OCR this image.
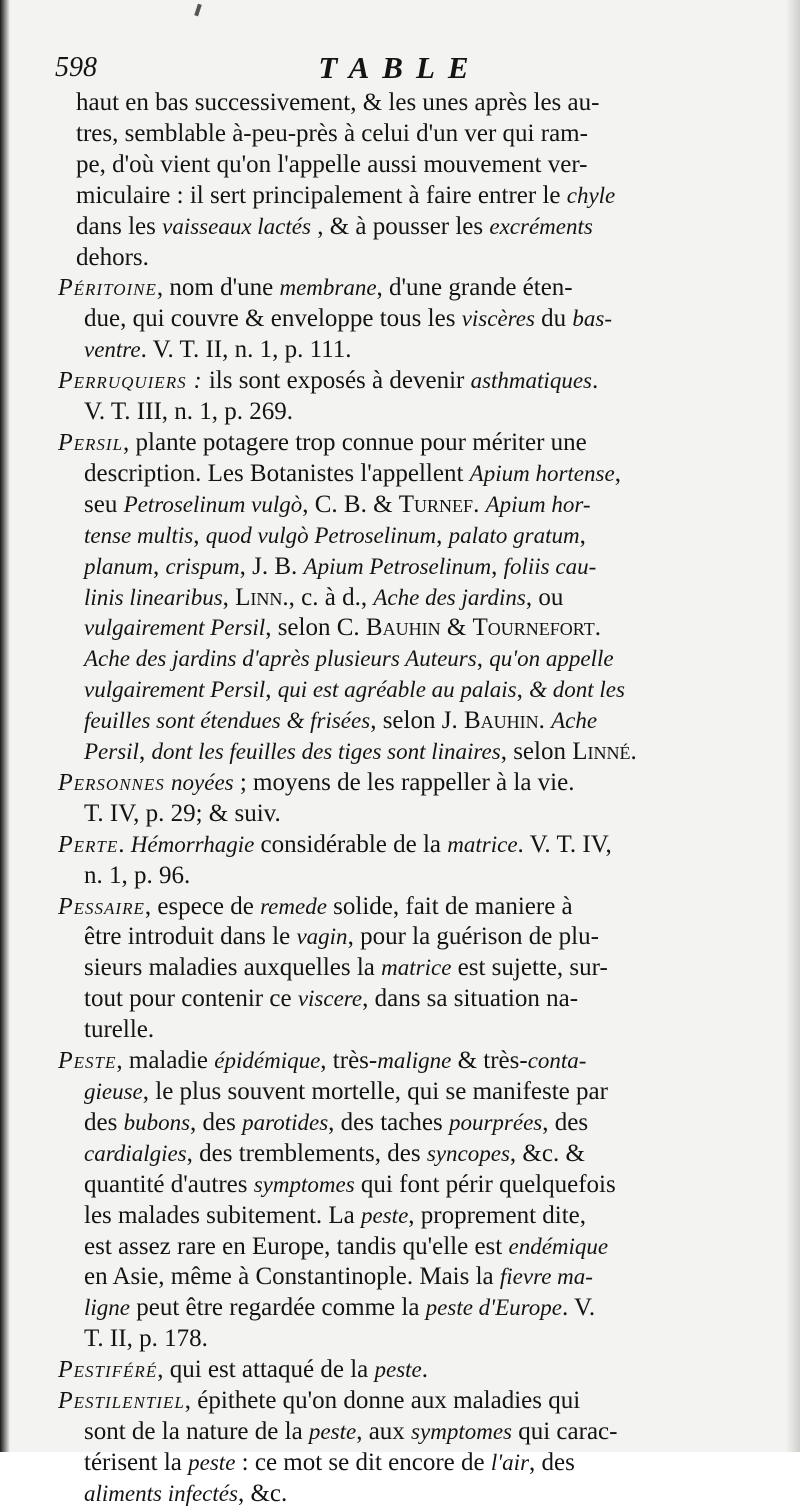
598	TABLE
haut en bas successivement, & les unes après les au-
tres, semblable à-peu-près à celui d'un ver qui ram-
pe, d'où vient qu'on l'appelle aussi mouvement ver-
miculaire : il sert principalement à faire entrer le chyle
dans les vaisseaux lactés , & à pousser les excréments
dehors.
Péritoine, nom d'une membrane, d'une grande éten-
due, qui couvre & enveloppe tous les viscères du bas-
ventre. V. T. II, n. 1, p. 111.
Perruquiers : ils sont exposés à devenir asthmatiques.
V. T. III, n. 1, p. 269.
Persil, plante potagere trop connue pour mériter une
description. Les Botanistes l'appellent Apium hortense,
seu Petroselinum vulgò, C. B. & Turnef. Apium hor-
tense multis, quod vulgò Petroselinum, palato gratum,
planum, crispum, J. B. Apium Petroselinum, foliis cau-
linis linearibus, Linn., c. à d., Ache des jardins, ou
vulgairement Persil, selon C. Bauhin & Tournefort.
Ache des jardins d'après plusieurs Auteurs, qu'on appelle
vulgairement Persil, qui est agréable au palais, & dont les
feuilles sont étendues & frisées, selon J. Bauhin. Ache
Persil, dont les feuilles des tiges sont linaires, selon Linné.
Personnes noyées ; moyens de les rappeller à la vie.
T. IV, p. 29; & suiv.
Perte. Hémorrhagie considérable de la matrice. V. T. IV,
n. 1, p. 96.
Pessaire, espece de remede solide, fait de maniere à
être introduit dans le vagin, pour la guérison de plu-
sieurs maladies auxquelles la matrice est sujette, sur-
tout pour contenir ce viscere, dans sa situation na-
turelle.
Peste, maladie épidémique, très-maligne & très-conta-
gieuse, le plus souvent mortelle, qui se manifeste par
des bubons, des parotides, des taches pourprées, des
cardialgies, des tremblements, des syncopes, &c. &
quantité d'autres symptomes qui font périr quelquefois
les malades subitement. La peste, proprement dite,
est assez rare en Europe, tandis qu'elle est endémique
en Asie, même à Constantinople. Mais la fievre ma-
ligne peut être regardée comme la peste d'Europe. V.
T. II, p. 178.
Pestiféré, qui est attaqué de la peste.
Pestilentiel, épithete qu'on donne aux maladies qui
sont de la nature de la peste, aux symptomes qui carac-
térisent la peste : ce mot se dit encore de l'air, des
aliments infectés, &c.
